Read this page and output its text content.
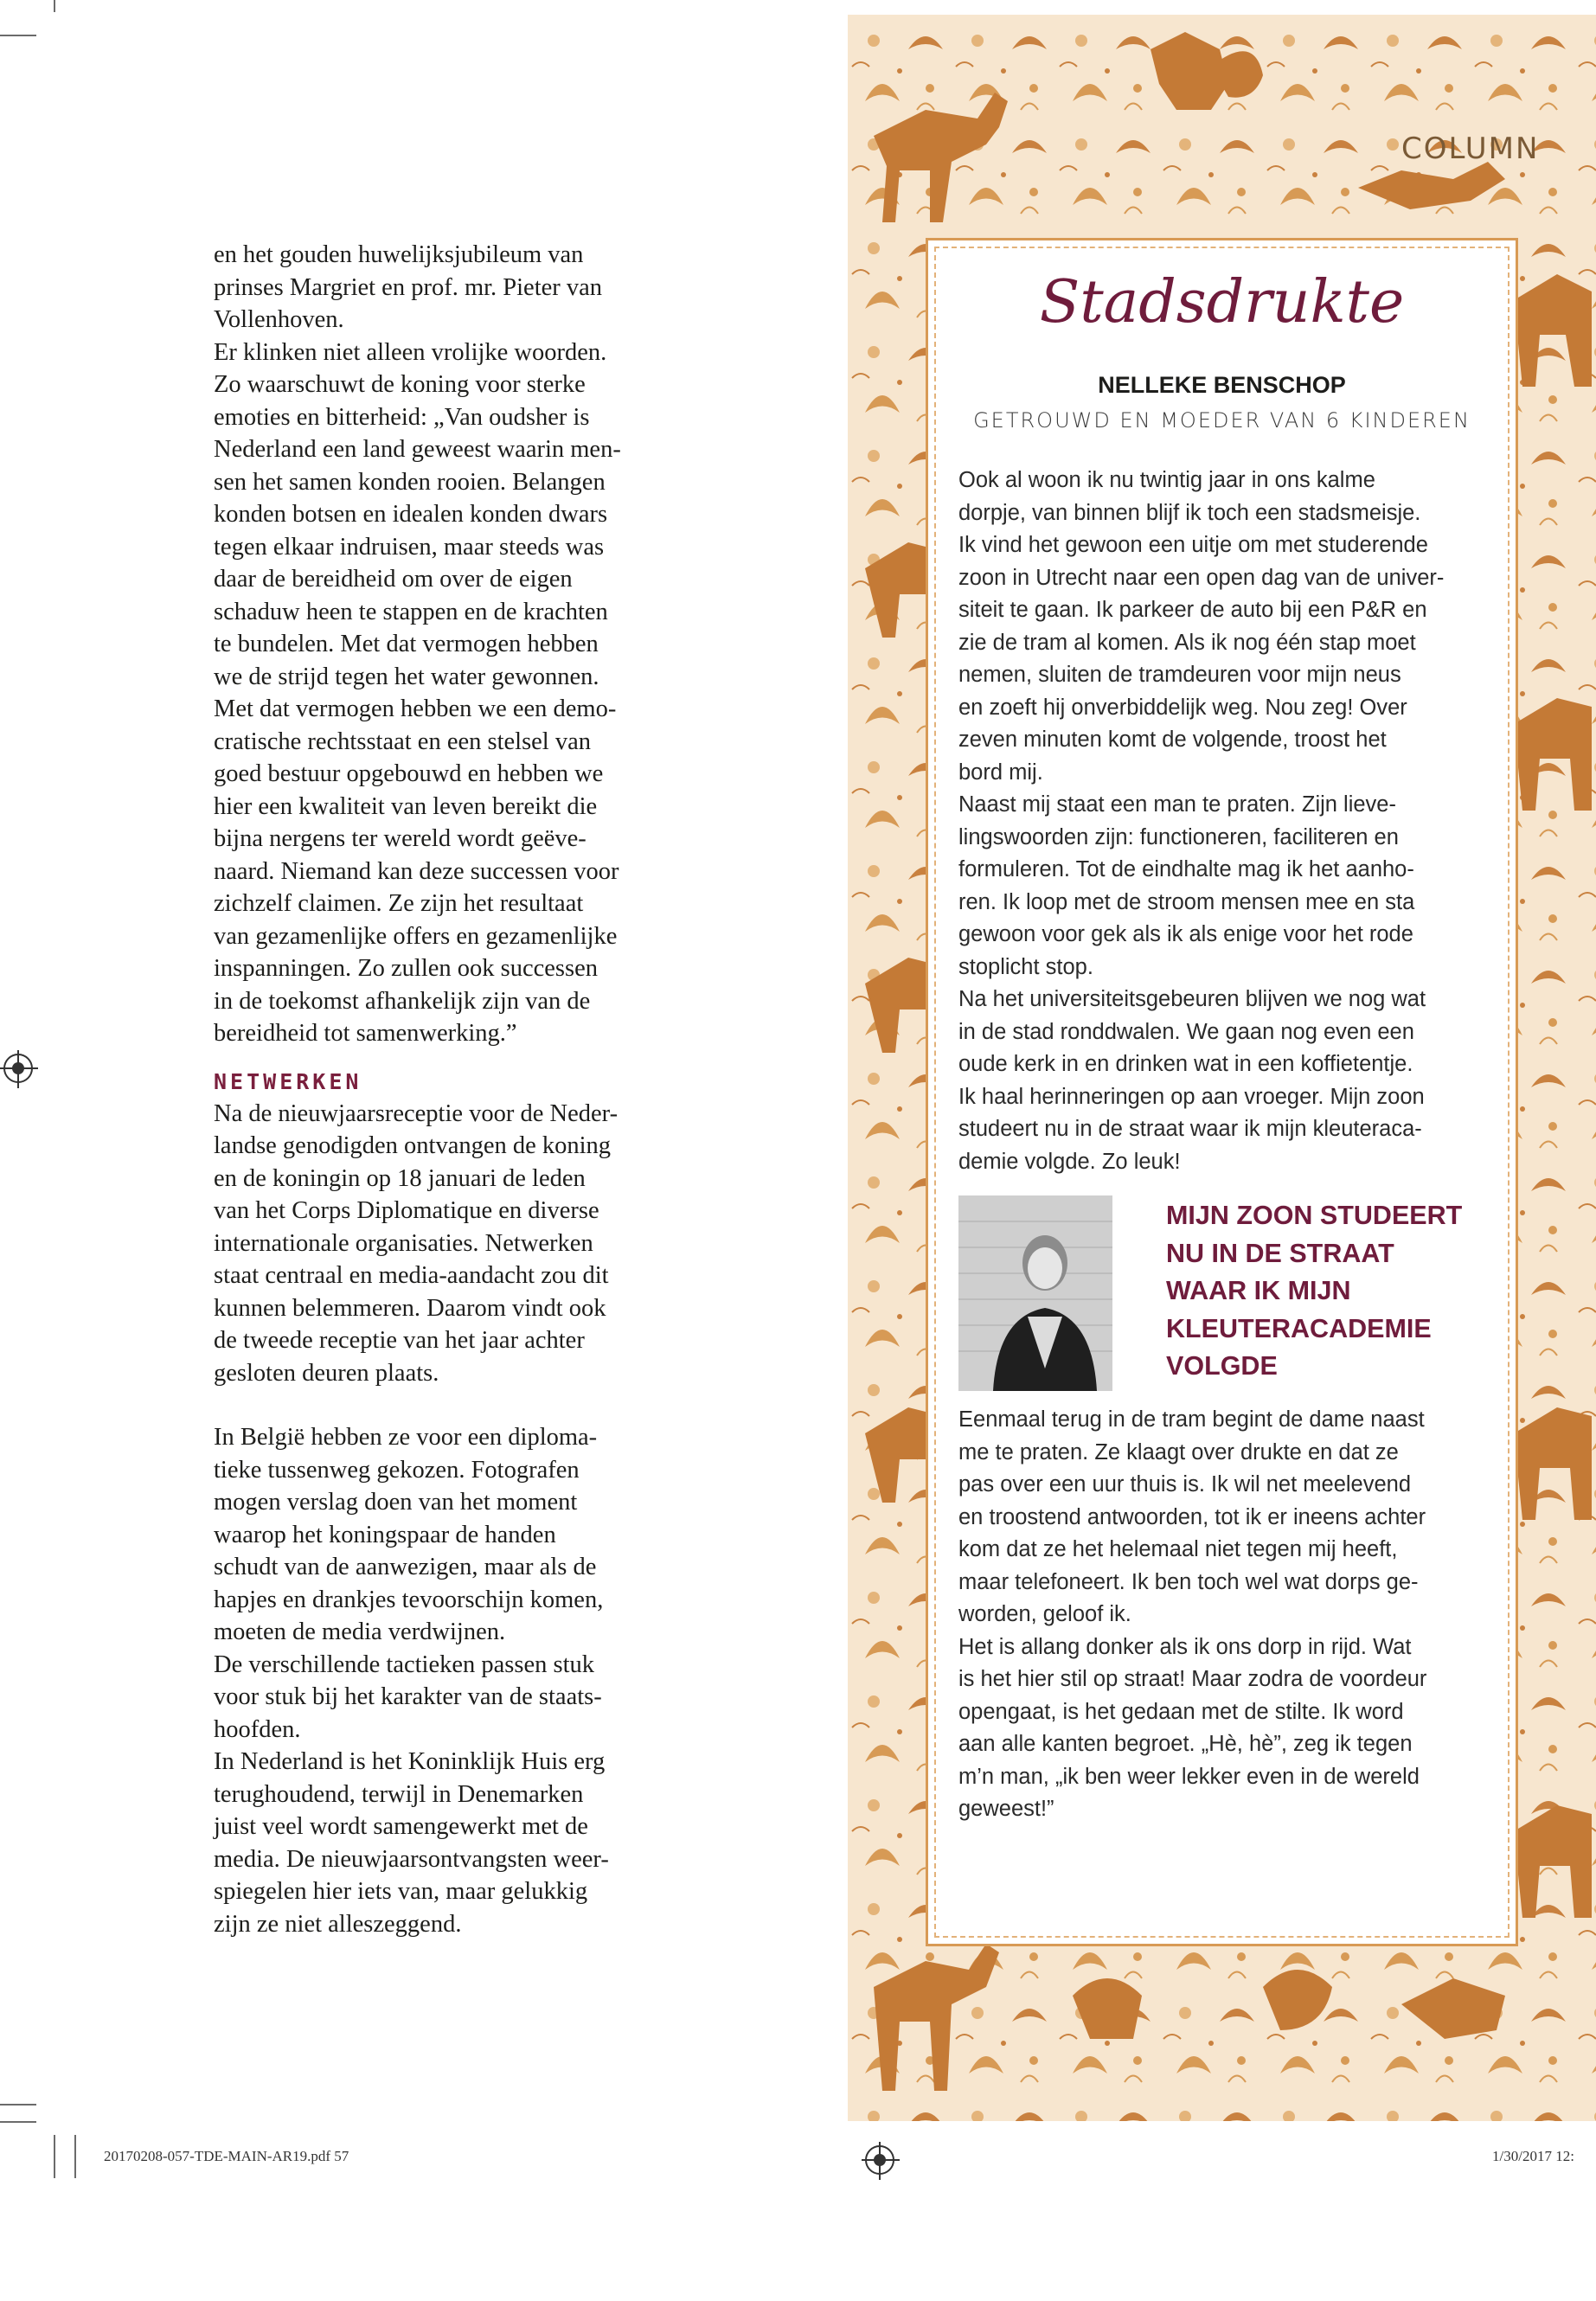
en het gouden huwelijksjubileum van
prinses Margriet en prof. mr. Pieter van
Vollenhoven.
Er klinken niet alleen vrolijke woorden.
Zo waarschuwt de koning voor sterke
emoties en bitterheid: „Van oudsher is
Nederland een land geweest waarin men-
sen het samen konden rooien. Belangen
konden botsen en idealen konden dwars
tegen elkaar indruisen, maar steeds was
daar de bereidheid om over de eigen
schaduw heen te stappen en de krachten
te bundelen. Met dat vermogen hebben
we de strijd tegen het water gewonnen.
Met dat vermogen hebben we een demo-
cratische rechtsstaat en een stelsel van
goed bestuur opgebouwd en hebben we
hier een kwaliteit van leven bereikt die
bijna nergens ter wereld wordt geëve-
naard. Niemand kan deze successen voor
zichzelf claimen. Ze zijn het resultaat
van gezamenlijke offers en gezamenlijke
inspanningen. Zo zullen ook successen
in de toekomst afhankelijk zijn van de
bereidheid tot samenwerking.”

NETWERKEN

Na de nieuwjaarsreceptie voor de Neder-
landse genodigden ontvangen de koning
en de koningin op 18 januari de leden
van het Corps Diplomatique en diverse
internationale organisaties. Netwerken
staat centraal en media-aandacht zou dit
kunnen belemmeren. Daarom vindt ook
de tweede receptie van het jaar achter
gesloten deuren plaats.

In België hebben ze voor een diploma-
tieke tussenweg gekozen. Fotografen
mogen verslag doen van het moment
waarop het koningspaar de handen
schudt van de aanwezigen, maar als de
hapjes en drankjes tevoorschijn komen,
moeten de media verdwijnen.
De verschillende tactieken passen stuk
voor stuk bij het karakter van de staats-
hoofden.
In Nederland is het Koninklijk Huis erg
terughoudend, terwijl in Denemarken
juist veel wordt samengewerkt met de
media. De nieuwjaarsontvangsten weer-
spiegelen hier iets van, maar gelukkig
zijn ze niet alleszeggend.

COLUMN
Stadsdrukte
NELLEKE BENSCHOP
GETROUWD EN MOEDER VAN 6 KINDEREN

Ook al woon ik nu twintig jaar in ons kalme
dorpje, van binnen blijf ik toch een stadsmeisje.
Ik vind het gewoon een uitje om met studerende
zoon in Utrecht naar een open dag van de univer-
siteit te gaan. Ik parkeer de auto bij een P&R en
zie de tram al komen. Als ik nog één stap moet
nemen, sluiten de tramdeuren voor mijn neus
en zoeft hij onverbiddelijk weg. Nou zeg! Over
zeven minuten komt de volgende, troost het
bord mij.
Naast mij staat een man te praten. Zijn lieve-
lingswoorden zijn: functioneren, faciliteren en
formuleren. Tot de eindhalte mag ik het aanho-
ren. Ik loop met de stroom mensen mee en sta
gewoon voor gek als ik als enige voor het rode
stoplicht stop.
Na het universiteitsgebeuren blijven we nog wat
in de stad ronddwalen. We gaan nog even een
oude kerk in en drinken wat in een koffietentje.
Ik haal herinneringen op aan vroeger. Mijn zoon
studeert nu in de straat waar ik mijn kleuteraca-
demie volgde. Zo leuk!

MIJN ZOON STUDEERT
NU IN DE STRAAT
WAAR IK MIJN
KLEUTERACADEMIE
VOLGDE

Eenmaal terug in de tram begint de dame naast
me te praten. Ze klaagt over drukte en dat ze
pas over een uur thuis is. Ik wil net meelevend
en troostend antwoorden, tot ik er ineens achter
kom dat ze het helemaal niet tegen mij heeft,
maar telefoneert. Ik ben toch wel wat dorps ge-
worden, geloof ik.
Het is allang donker als ik ons dorp in rijd. Wat
is het hier stil op straat! Maar zodra de voordeur
opengaat, is het gedaan met de stilte. Ik word
aan alle kanten begroet. „Hè, hè”, zeg ik tegen
m’n man, „ik ben weer lekker even in de wereld
geweest!”

20170208-057-TDE-MAIN-AR19.pdf 57	1/30/2017 12:
